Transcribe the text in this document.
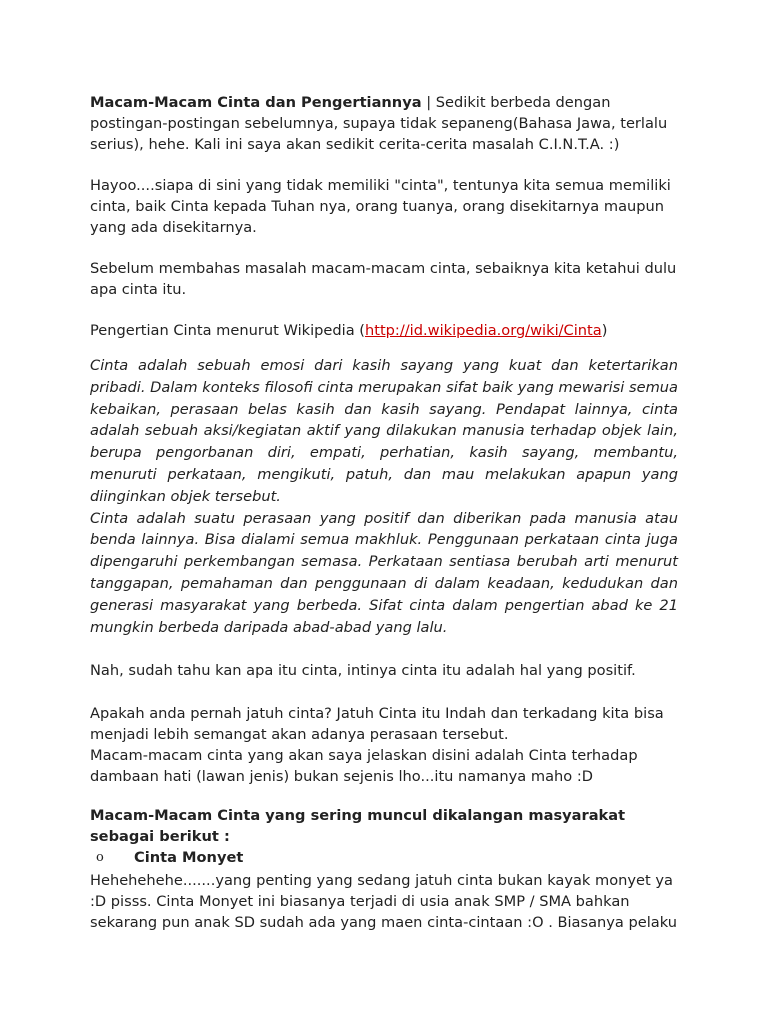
Macam-Macam Cinta dan Pengertiannya | Sedikit berbeda dengan postingan-postingan sebelumnya, supaya tidak sepaneng(Bahasa Jawa, terlalu serius), hehe. Kali ini saya akan sedikit cerita-cerita masalah C.I.N.T.A. :)

Hayoo....siapa di sini yang tidak memiliki "cinta", tentunya kita semua memiliki cinta, baik Cinta kepada Tuhan nya, orang tuanya, orang disekitarnya maupun yang ada disekitarnya.

Sebelum membahas masalah macam-macam cinta, sebaiknya kita ketahui dulu apa cinta itu.

Pengertian Cinta menurut Wikipedia (http://id.wikipedia.org/wiki/Cinta)

Cinta adalah sebuah emosi dari kasih sayang yang kuat dan ketertarikan pribadi. Dalam konteks filosofi cinta merupakan sifat baik yang mewarisi semua kebaikan, perasaan belas kasih dan kasih sayang. Pendapat lainnya, cinta adalah sebuah aksi/kegiatan aktif yang dilakukan manusia terhadap objek lain, berupa pengorbanan diri, empati, perhatian, kasih sayang, membantu, menuruti perkataan, mengikuti, patuh, dan mau melakukan apapun yang diinginkan objek tersebut.

Cinta adalah suatu perasaan yang positif dan diberikan pada manusia atau benda lainnya. Bisa dialami semua makhluk. Penggunaan perkataan cinta juga dipengaruhi perkembangan semasa. Perkataan sentiasa berubah arti menurut tanggapan, pemahaman dan penggunaan di dalam keadaan, kedudukan dan generasi masyarakat yang berbeda. Sifat cinta dalam pengertian abad ke 21 mungkin berbeda daripada abad-abad yang lalu.

Nah, sudah tahu kan apa itu cinta, intinya cinta itu adalah hal yang positif.

Apakah anda pernah jatuh cinta? Jatuh Cinta itu Indah dan terkadang kita bisa menjadi lebih semangat akan adanya perasaan tersebut.

Macam-macam cinta yang akan saya jelaskan disini adalah Cinta terhadap dambaan hati (lawan jenis) bukan sejenis lho...itu namanya maho :D

Macam-Macam Cinta yang sering muncul dikalangan masyarakat sebagai berikut :

o	Cinta Monyet

Hehehehehe.......yang penting yang sedang jatuh cinta bukan kayak monyet ya :D pisss. Cinta Monyet ini biasanya terjadi di usia anak SMP / SMA bahkan sekarang pun anak SD sudah ada yang maen cinta-cintaan :O . Biasanya pelaku
